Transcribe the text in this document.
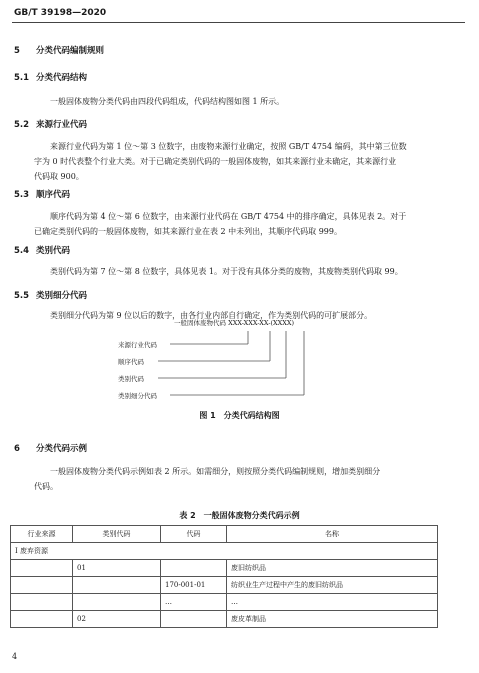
GB/T 39198—2020
5 分类代码编制规则
5.1 分类代码结构
一般固体废物分类代码由四段代码组成，代码结构图如图 1 所示。
5.2 来源行业代码
来源行业代码为第 1 位～第 3 位数字，由废物来源行业确定，按照 GB/T 4754 编码，其中第三位数
字为 0 时代表整个行业大类。对于已确定类别代码的一般固体废物，如其来源行业未确定，其来源行业
代码取 900。
5.3 顺序代码
顺序代码为第 4 位～第 6 位数字，由来源行业代码在 GB/T 4754 中的排序确定，具体见表 2。对于
已确定类别代码的一般固体废物，如其来源行业在表 2 中未列出，其顺序代码取 999。
5.4 类别代码
类别代码为第 7 位～第 8 位数字，具体见表 1。对于没有具体分类的废物，其废物类别代码取 99。
5.5 类别细分代码
类别细分代码为第 9 位以后的数字，由各行业内部自行确定，作为类别代码的可扩展部分。
一般固体废物代码 XXX-XXX-XX-(XXXX)
来源行业代码
顺序代码
类别代码
类别细分代码
图 1　分类代码结构图
6 分类代码示例
一般固体废物分类代码示例如表 2 所示。如需细分，则按照分类代码编制规则，增加类别细分
代码。
表 2　一般固体废物分类代码示例
行业来源	类别代码	代码	名称
Ⅰ 废弃资源			
	01		废旧纺织品
		170-001-01	纺织业生产过程中产生的废旧纺织品
		…	…
	02		废皮革制品
4
